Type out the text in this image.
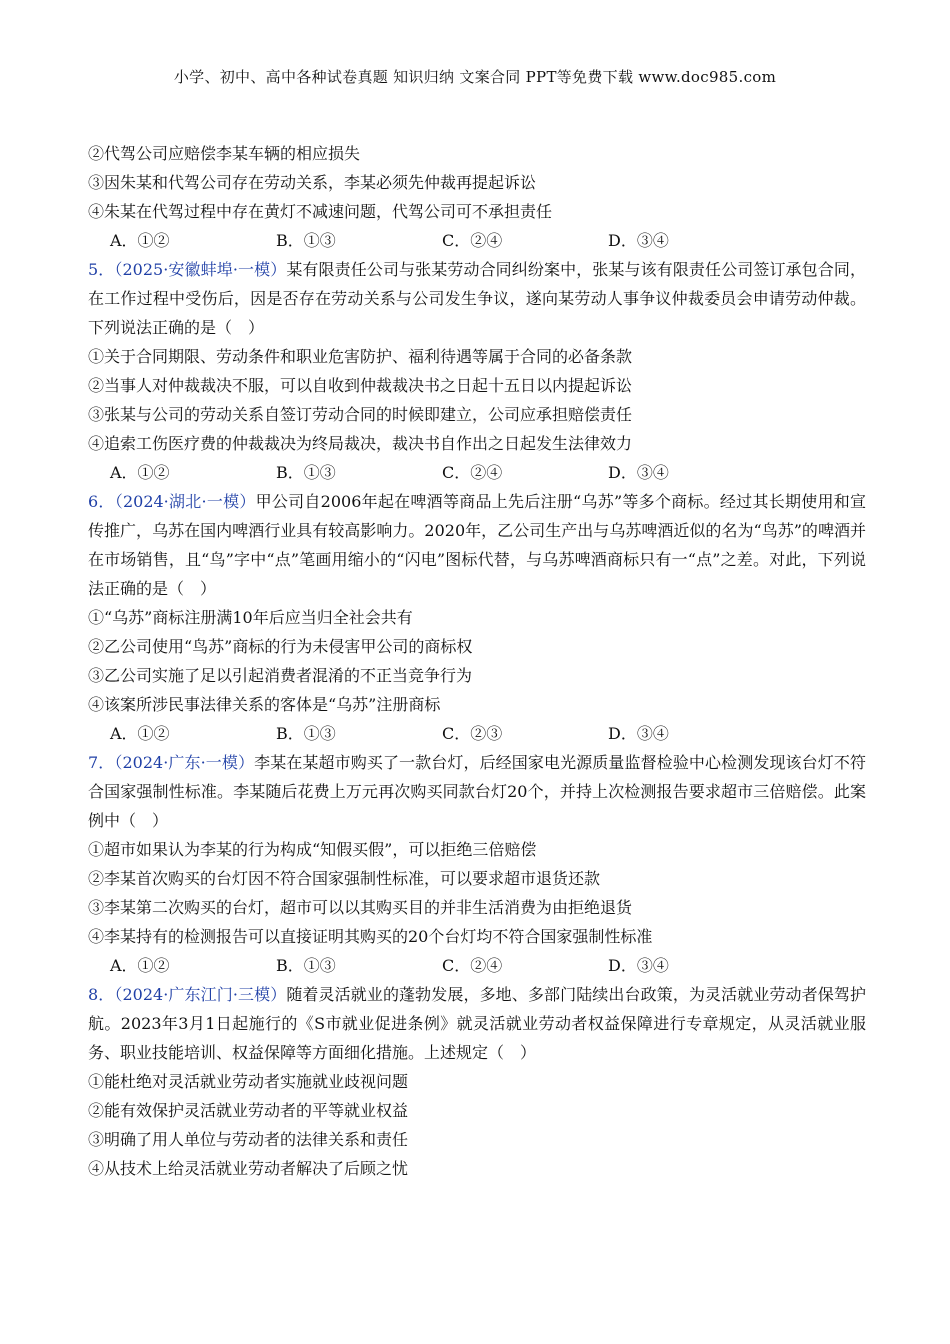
小学、初中、高中各种试卷真题 知识归纳 文案合同 PPT等免费下载 www.doc985.com
②代驾公司应赔偿李某车辆的相应损失
③因朱某和代驾公司存在劳动关系，李某必须先仲裁再提起诉讼
④朱某在代驾过程中存在黄灯不减速问题，代驾公司可不承担责任
A．①②	B．①③	C．②④	D．③④
5．（2025·安徽蚌埠·一模）某有限责任公司与张某劳动合同纠纷案中，张某与该有限责任公司签订承包合同，在工作过程中受伤后，因是否存在劳动关系与公司发生争议，遂向某劳动人事争议仲裁委员会申请劳动仲裁。下列说法正确的是（　）
①关于合同期限、劳动条件和职业危害防护、福利待遇等属于合同的必备条款
②当事人对仲裁裁决不服，可以自收到仲裁裁决书之日起十五日以内提起诉讼
③张某与公司的劳动关系自签订劳动合同的时候即建立，公司应承担赔偿责任
④追索工伤医疗费的仲裁裁决为终局裁决，裁决书自作出之日起发生法律效力
A．①②	B．①③	C．②④	D．③④
6．（2024·湖北·一模）甲公司自2006年起在啤酒等商品上先后注册“乌苏”等多个商标。经过其长期使用和宣传推广，乌苏在国内啤酒行业具有较高影响力。2020年，乙公司生产出与乌苏啤酒近似的名为“鸟苏”的啤酒并在市场销售，且“鸟”字中“点”笔画用缩小的“闪电”图标代替，与乌苏啤酒商标只有一“点”之差。对此，下列说法正确的是（　）
①“乌苏”商标注册满10年后应当归全社会共有
②乙公司使用“鸟苏”商标的行为未侵害甲公司的商标权
③乙公司实施了足以引起消费者混淆的不正当竞争行为
④该案所涉民事法律关系的客体是“乌苏”注册商标
A．①②	B．①③	C．②③	D．③④
7．（2024·广东·一模）李某在某超市购买了一款台灯，后经国家电光源质量监督检验中心检测发现该台灯不符合国家强制性标准。李某随后花费上万元再次购买同款台灯20个，并持上次检测报告要求超市三倍赔偿。此案例中（　）
①超市如果认为李某的行为构成“知假买假”，可以拒绝三倍赔偿
②李某首次购买的台灯因不符合国家强制性标准，可以要求超市退货还款
③李某第二次购买的台灯，超市可以以其购买目的并非生活消费为由拒绝退货
④李某持有的检测报告可以直接证明其购买的20个台灯均不符合国家强制性标准
A．①②	B．①③	C．②④	D．③④
8．（2024·广东江门·三模）随着灵活就业的蓬勃发展，多地、多部门陆续出台政策，为灵活就业劳动者保驾护航。2023年3月1日起施行的《S市就业促进条例》就灵活就业劳动者权益保障进行专章规定，从灵活就业服务、职业技能培训、权益保障等方面细化措施。上述规定（　）
①能杜绝对灵活就业劳动者实施就业歧视问题
②能有效保护灵活就业劳动者的平等就业权益
③明确了用人单位与劳动者的法律关系和责任
④从技术上给灵活就业劳动者解决了后顾之忧
